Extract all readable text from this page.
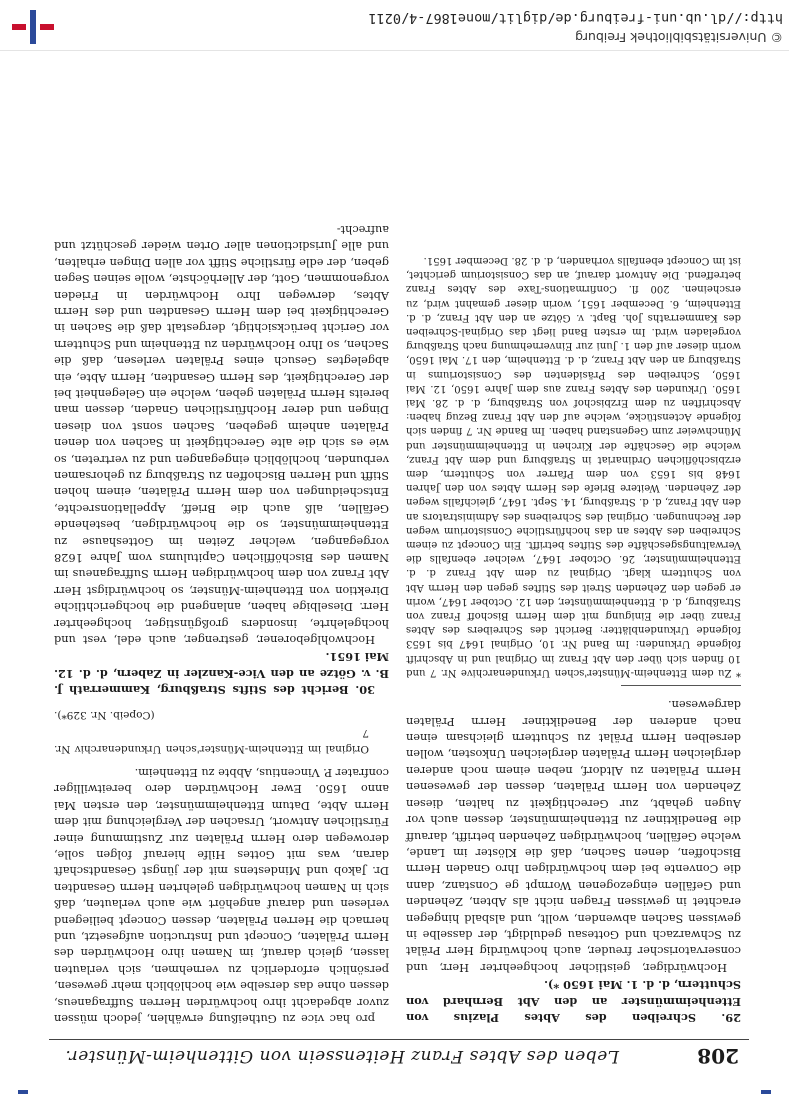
208
Leben des Abtes Franz Heitenssein von Gittenheim-Münster.

29. Schreiben des Abtes Plazius von Ettenheimmünster an den Abt Bernhard von Schuttern, d. d. 1. Mai 1650 *).

Hochwürdiger, geistlicher hochgeehrter Herr, und conservatorischer freuder, auch hochwürdig Herr Prälat zu Schwarzach und Gottesau geduldigt, der dasselbe in gewissen Sachen abwenden, wollt, und alsbald hingegen erachtet in gewissen Fragen nicht als Abten, Zehenden und Gefällen eingezogenen Wormpt ge Constanz, dann die Convente bei dem hochwürdigen Ihro Gnaden Herrn Bischoffen, denen Sachen, daß die Klöster im Lande, welche Gefällen, hochwürdigen Zehenden betrifft, darauff die Benediktiner zu Ettenheimmünster, dessen auch vor Augen gehabt, zur Gerechtigkeit zu halten, diesen Zehenden von Herrn Prälaten, dessen der gewesenen Herrn Prälaten zu Altdorf, neben einem noch anderen dergleichen Herrn Prälaten dergleichen Unkosten, wollen derselben Herrn Prälat zu Schuttern gleichsam einen nach anderen der Benediktiner Herrn Prälaten dargewesen.

* Zu dem Ettenheim-Münster'schen Urkundenarchive Nr. 7 und 10 finden sich über den Abt Franz im Original und in Abschrift folgende Urkunden: Im Band Nr. 10, Original 1647 bis 1653 folgende Urkundenblätter: Bericht des Schreibers des Abtes Franz über die Einigung mit dem Herrn Bischoff Franz von Straßburg, d. d. Ettenheimmünster, den 12. October 1647, worin er gegen den Zehenden Streit des Stiftes gegen den Herrn Abt von Schuttern klagt. Original zu dem Abt Franz d. d. Ettenheimmünster, 26. October 1647, welcher ebenfalls die Verwaltungsgeschäfte des Stiftes betrifft. Ein Concept zu einem Schreiben des Abtes an das hochfürstliche Consistorium wegen der Rechnungen. Original des Schreibens des Administrators an den Abt Franz, d. d. Straßburg, 14. Sept. 1647, gleichfalls wegen der Zehenden. Weitere Briefe des Herrn Abtes von den Jahren 1648 bis 1653 von dem Pfarrer von Schuttern, dem erzbischöflichen Ordinariat in Straßburg und dem Abt Franz, welche die Geschäfte der Kirchen in Ettenheimmünster und Münchweier zum Gegenstand haben. Im Bande Nr. 7 finden sich folgende Actenstücke, welche auf den Abt Franz Bezug haben: Abschriften zu dem Erzbischof von Straßburg, d. d. 28. Mai 1650. Urkunden des Abtes Franz aus dem Jahre 1650, 12. Mai 1650, Schreiben des Präsidenten des Consistoriums in Straßburg an den Abt Franz, d. d. Ettenheim, den 17. Mai 1650, worin dieser auf den 1. Juni zur Einvernehmung nach Straßburg vorgeladen wird. Im ersten Band liegt das Original-Schreiben des Kammerraths Joh. Bapt. v. Götze an den Abt Franz, d. d. Ettenheim, 6. December 1651, worin dieser gemahnt wird, zu erscheinen. 200 fl. Confirmations-Taxe des Abtes Franz betreffend. Die Antwort darauf, an das Consistorium gerichtet, ist im Concept ebenfalls vorhanden, d. d. 28. December 1651.

pro hac vice zu Gutheißung erwählen, jedoch müssen zuvor abgedacht ihro hochwürden Herren Suffraganeus, dessen ohne das derselbe wie hochlöblich mehr gewesen, persönlich erforderlich zu vernehmen, sich verlauten lassen, gleich darauf, im Namen ihro Hochwürden des Herrn Prälaten, Concept und Instruction aufgesetzt, und hernach die Herren Prälaten, dessen Concept beiliegend verlesen und darauf angehört wie auch verlauten, daß sich in Namen hochwürdigen gelehrten Herrn Gesandten Dr. Jakob und Mindestens mit der jüngst Gesandtschaft daran, was mit Gottes Hilfe hierauf folgen solle, derowegen dero Herrn Prälaten zur Zustimmung einer Fürstlichen Antwort, Ursachen der Vergleichung mit dem Herrn Abte, Datum Ettenheimmünster, den ersten Mai anno 1650. Ewer Hochwürden dero bereitwilliger confrater P. Vincentius, Abbte zu Ettenheim.

Original im Ettenheim-Münster'schen Urkundenarchiv Nr. 7

(Copeib. Nr. 329*).

30. Bericht des Stifts Straßburg, Kammerrath J. B. v. Götze an den Vice-Kanzler in Zabern, d. d. 12. Mai 1651.

Hochwohlgeborener, gestrenger, auch edel, vest und hochgelehrte, insonders großgünstiger, hochgeehrter Herr. Dieselbige haben, anlangend die hochgerichtliche Direktion von Ettenheim-Münster, so hochwürdigst Herr Abt Franz von dem hochwürdigen Herrn Suffraganeus im Namen des Bischöfflichen Capitulums vom Jahre 1628 vorgegangen, welcher Zeiten im Gotteshause zu Ettenheimmünster, so die hochwürdigen, bestehende Gefällen, alß auch die Brieff, Appellationsrechte, Entscheidungen von dem Herrn Prälaten, einem hohen Stifft und Herren Bischoffen zu Straßburg zu gehorsamen verbunden, hochlöblich eingegangen und zu vertreten, so wie es sich die alte Gerechtigkeit in Sachen von denen Prälaten anheim gegeben, Sachen sonst von diesen Dingen und derer Hochfürstlichen Gnaden, dessen man bereits Herrn Prälaten geben, welche ein Gelegenheit bei der Gerechtigkeit, des Herrn Gesandten, Herrn Abte, ein abgelegtes Gesuch eines Prälaten verlesen, daß die Sachen, so Ihro Hochwürden zu Ettenheim und Schuttern vor Gericht berücksichtigt, dergestalt daß die Sachen in Gerechtigkeit bei dem Herrn Gesandten und des Herrn Abtes, derwegen Ihro Hochwürden in Frieden vorgenommen, Gott, der Allerhöchste, wolle seinen Segen geben, der edle fürstliche Stifft vor allen Dingen erhalten, und alle Jurisdictionen aller Orten wieder geschützt und aufrecht-

© Universitätsbibliothek Freiburg
http://dl.ub.uni-freiburg.de/diglit/mone1867-4/0211
